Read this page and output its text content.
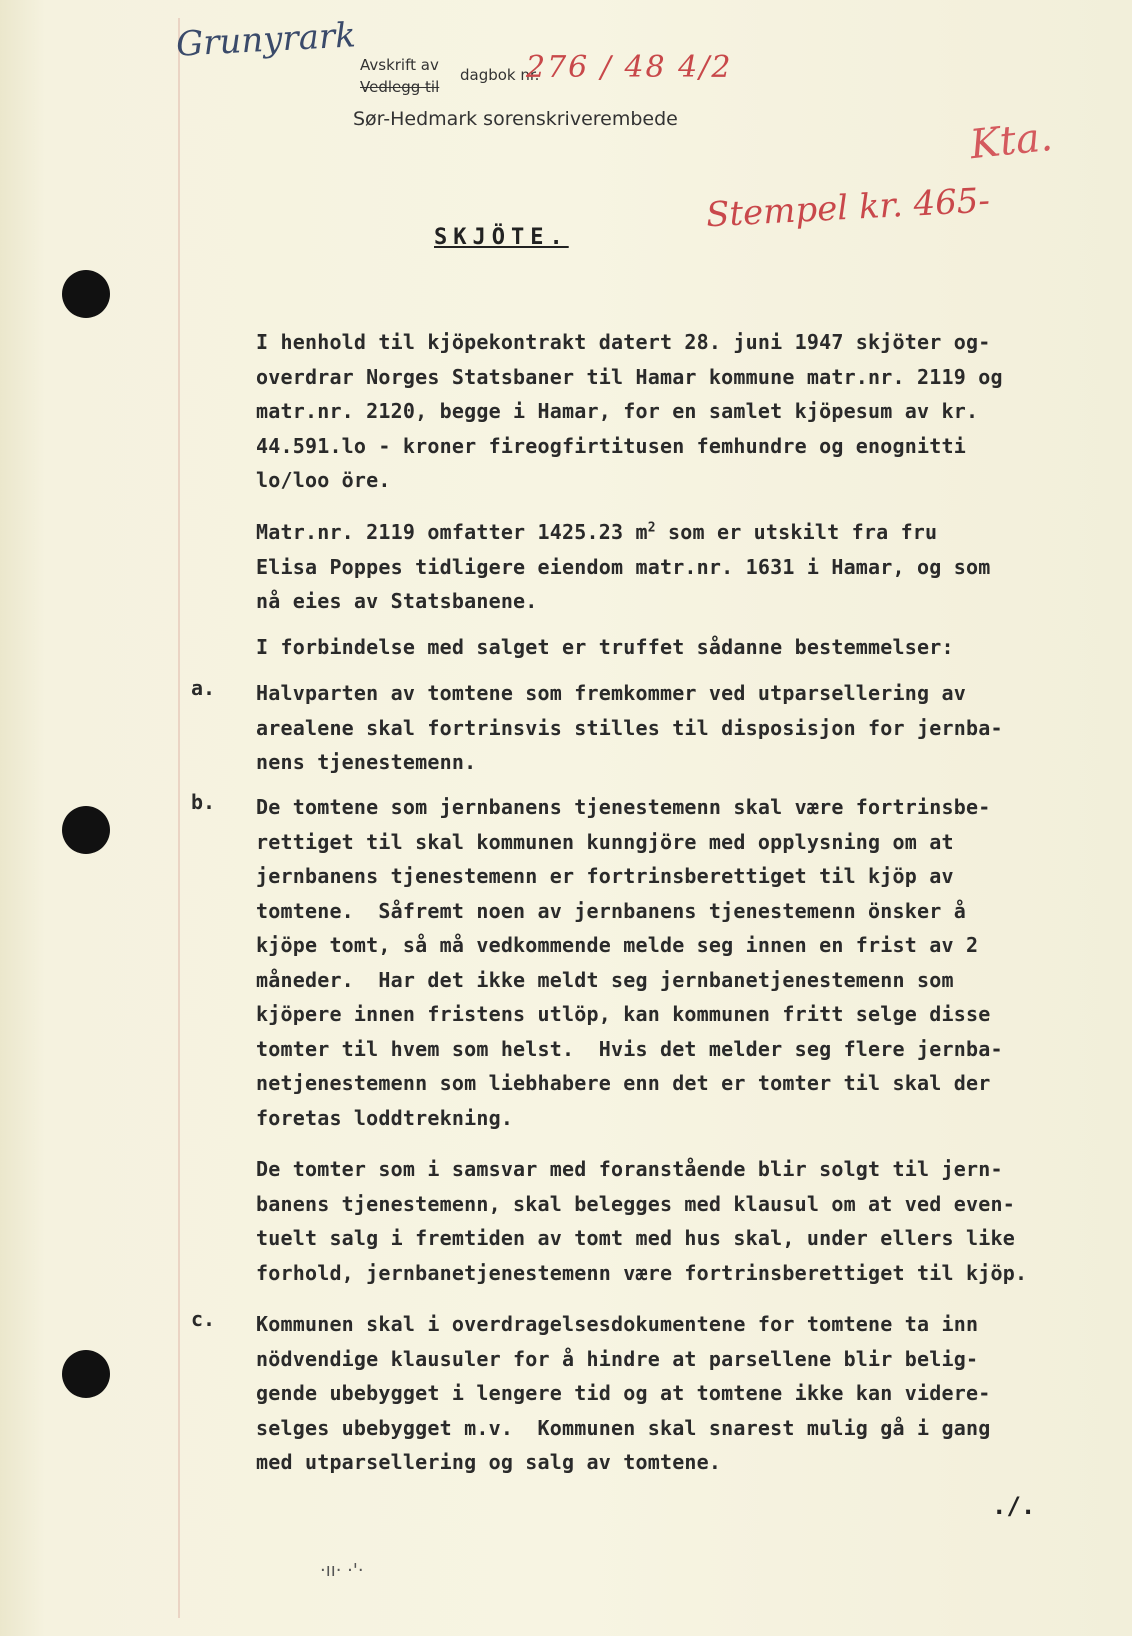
Grunyrark
Avskrift av
Vedlegg til
dagbok nr.
276 / 48 4/2
Sør-Hedmark sorenskriverembede	Kta.
Stempel kr. 465-
SKJÖTE.
I henhold til kjöpekontrakt datert 28. juni 1947 skjöter og-
overdrar Norges Statsbaner til Hamar kommune matr.nr. 2119 og
matr.nr. 2120, begge i Hamar, for en samlet kjöpesum av kr.
44.591.lo - kroner fireogfirtitusen femhundre og enognitti
lo/loo öre.
Matr.nr. 2119 omfatter 1425.23 $m^2$ som er utskilt fra fru
Elisa Poppes tidligere eiendom matr.nr. 1631 i Hamar, og som
nå eies av Statsbanene.
I forbindelse med salget er truffet sådanne bestemmelser:
a. Halvparten av tomtene som fremkommer ved utparsellering av
arealene skal fortrinsvis stilles til disposisjon for jernba-
nens tjenestemenn.
b. De tomtene som jernbanens tjenestemenn skal være fortrinsbe-
rettiget til skal kommunen kunngjöre med opplysning om at
jernbanens tjenestemenn er fortrinsberettiget til kjöp av
tomtene.  Såfremt noen av jernbanens tjenestemenn önsker å
kjöpe tomt, så må vedkommende melde seg innen en frist av 2
måneder.  Har det ikke meldt seg jernbanetjenestemenn som
kjöpere innen fristens utlöp, kan kommunen fritt selge disse
tomter til hvem som helst.  Hvis det melder seg flere jernba-
netjenestemenn som liebhabere enn det er tomter til skal der
foretas loddtrekning.
De tomter som i samsvar med foranstående blir solgt til jern-
banens tjenestemenn, skal belegges med klausul om at ved even-
tuelt salg i fremtiden av tomt med hus skal, under ellers like
forhold, jernbanetjenestemenn være fortrinsberettiget til kjöp.
c. Kommunen skal i overdragelsesdokumentene for tomtene ta inn
nödvendige klausuler for å hindre at parsellene blir belig-
gende ubebygget i lengere tid og at tomtene ikke kan videre-
selges ubebygget m.v.  Kommunen skal snarest mulig gå i gang
med utparsellering og salg av tomtene.
./.
·ıı· ·'·
